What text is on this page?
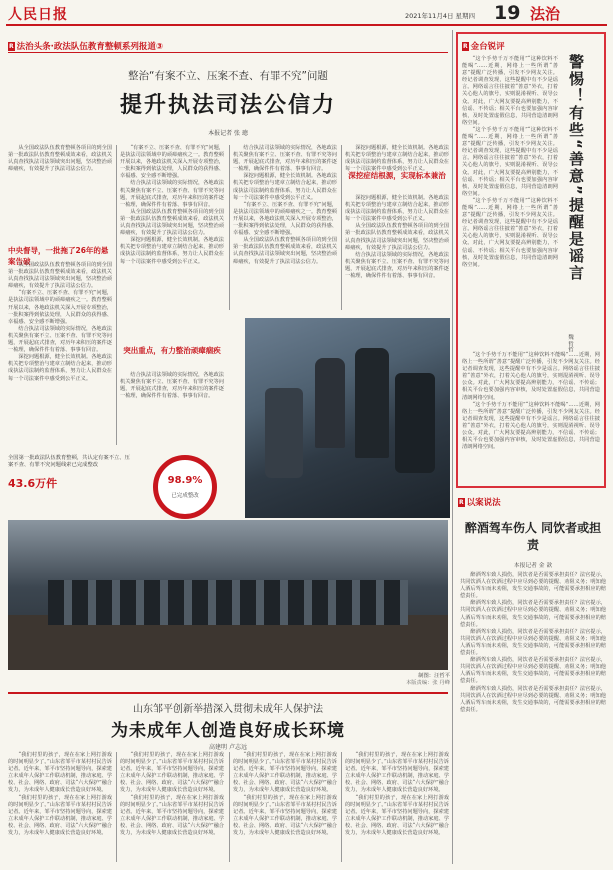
人民日报	2021年11月4日 星期四 19 法治
R 法治头条·政法队伍教育整顿系列报道③
整治“有案不立、压案不查、有罪不究”问题
提升执法司法公信力
本报记者 张 璁

从全国政法队伍教育整顿各项目的到全国第一批政法队伍教育整顿成效来看，政法机关认真查找执法司法领域突出问题，坚决整治顽瘴痼疾，有效提升了执法司法公信力。

中央督导，一批拖了26年的悬案告破

从全国政法队伍教育整顿各项目的到全国第一批政法队伍教育整顿成效来看，政法机关认真查找执法司法领域突出问题，坚决整治顽瘴痼疾，有效提升了执法司法公信力。

“有案不立、压案不查、有罪不究”问题，是执法司法领域中的顽瘴痼疾之一。教育整顿开展以来，各地政法机关深入开展专项整治，一批积案得到依法处理，人民群众的获得感、幸福感、安全感不断增强。

结合执法司法领域的实际情况，各地政法机关聚焦有案不立、压案不查、有罪不究等问题，开展起底式排查，对历年来积压的案件逐一梳理，确保件件有着落、事事有回音。

深挖问题根源，健全长效机制。各地政法机关把专项整治与建章立制结合起来，推动形成执法司法制约监督体系，努力让人民群众在每一个司法案件中感受到公平正义。

“有案不立、压案不查、有罪不究”问题，是执法司法领域中的顽瘴痼疾之一。教育整顿开展以来，各地政法机关深入开展专项整治，一批积案得到依法处理，人民群众的获得感、幸福感、安全感不断增强。

结合执法司法领域的实际情况，各地政法机关聚焦有案不立、压案不查、有罪不究等问题，开展起底式排查，对历年来积压的案件逐一梳理，确保件件有着落、事事有回音。

从全国政法队伍教育整顿各项目的到全国第一批政法队伍教育整顿成效来看，政法机关认真查找执法司法领域突出问题，坚决整治顽瘴痼疾，有效提升了执法司法公信力。

深挖问题根源，健全长效机制。各地政法机关把专项整治与建章立制结合起来，推动形成执法司法制约监督体系，努力让人民群众在每一个司法案件中感受到公平正义。

突出重点，有力整治顽瘴痼疾

结合执法司法领域的实际情况，各地政法机关聚焦有案不立、压案不查、有罪不究等问题，开展起底式排查，对历年来积压的案件逐一梳理，确保件件有着落、事事有回音。

结合执法司法领域的实际情况，各地政法机关聚焦有案不立、压案不查、有罪不究等问题，开展起底式排查，对历年来积压的案件逐一梳理，确保件件有着落、事事有回音。

深挖问题根源，健全长效机制。各地政法机关把专项整治与建章立制结合起来，推动形成执法司法制约监督体系，努力让人民群众在每一个司法案件中感受到公平正义。

“有案不立、压案不查、有罪不究”问题，是执法司法领域中的顽瘴痼疾之一。教育整顿开展以来，各地政法机关深入开展专项整治，一批积案得到依法处理，人民群众的获得感、幸福感、安全感不断增强。

从全国政法队伍教育整顿各项目的到全国第一批政法队伍教育整顿成效来看，政法机关认真查找执法司法领域突出问题，坚决整治顽瘴痼疾，有效提升了执法司法公信力。

深挖问题根源，健全长效机制。各地政法机关把专项整治与建章立制结合起来，推动形成执法司法制约监督体系，努力让人民群众在每一个司法案件中感受到公平正义。

深挖症结根源，实现标本兼治

深挖问题根源，健全长效机制。各地政法机关把专项整治与建章立制结合起来，推动形成执法司法制约监督体系，努力让人民群众在每一个司法案件中感受到公平正义。

从全国政法队伍教育整顿各项目的到全国第一批政法队伍教育整顿成效来看，政法机关认真查找执法司法领域突出问题，坚决整治顽瘴痼疾，有效提升了执法司法公信力。

结合执法司法领域的实际情况，各地政法机关聚焦有案不立、压案不查、有罪不究等问题，开展起底式排查，对历年来积压的案件逐一梳理，确保件件有着落、事事有回音。

98.9%
已完成整改
全国第一批政法队伍教育整顿，共认定有案不立、压案不查、有罪不究问题线索已完成整改
43.6万件
制图：汪哲平
本版责编：张 丹峰
山东邹平创新举措深入贯彻未成年人保护法
为未成年人创造良好成长环境
高建明 卢志远

“我们村里的孩子，现在在家上网打游戏的时间明显少了。”山东省邹平市某村村民告诉记者。近年来，邹平市坚持问题导向，探索建立未成年人保护工作联动机制，推动家庭、学校、社会、网络、政府、司法“六大保护”融合发力，为未成年人健康成长营造良好环境。

“我们村里的孩子，现在在家上网打游戏的时间明显少了。”山东省邹平市某村村民告诉记者。近年来，邹平市坚持问题导向，探索建立未成年人保护工作联动机制，推动家庭、学校、社会、网络、政府、司法“六大保护”融合发力，为未成年人健康成长营造良好环境。

“我们村里的孩子，现在在家上网打游戏的时间明显少了。”山东省邹平市某村村民告诉记者。近年来，邹平市坚持问题导向，探索建立未成年人保护工作联动机制，推动家庭、学校、社会、网络、政府、司法“六大保护”融合发力，为未成年人健康成长营造良好环境。

“我们村里的孩子，现在在家上网打游戏的时间明显少了。”山东省邹平市某村村民告诉记者。近年来，邹平市坚持问题导向，探索建立未成年人保护工作联动机制，推动家庭、学校、社会、网络、政府、司法“六大保护”融合发力，为未成年人健康成长营造良好环境。

“我们村里的孩子，现在在家上网打游戏的时间明显少了。”山东省邹平市某村村民告诉记者。近年来，邹平市坚持问题导向，探索建立未成年人保护工作联动机制，推动家庭、学校、社会、网络、政府、司法“六大保护”融合发力，为未成年人健康成长营造良好环境。

“我们村里的孩子，现在在家上网打游戏的时间明显少了。”山东省邹平市某村村民告诉记者。近年来，邹平市坚持问题导向，探索建立未成年人保护工作联动机制，推动家庭、学校、社会、网络、政府、司法“六大保护”融合发力，为未成年人健康成长营造良好环境。

“我们村里的孩子，现在在家上网打游戏的时间明显少了。”山东省邹平市某村村民告诉记者。近年来，邹平市坚持问题导向，探索建立未成年人保护工作联动机制，推动家庭、学校、社会、网络、政府、司法“六大保护”融合发力，为未成年人健康成长营造良好环境。

“我们村里的孩子，现在在家上网打游戏的时间明显少了。”山东省邹平市某村村民告诉记者。近年来，邹平市坚持问题导向，探索建立未成年人保护工作联动机制，推动家庭、学校、社会、网络、政府、司法“六大保护”融合发力，为未成年人健康成长营造良好环境。

R 金台锐评

“这个手势千万不能用”“这种饮料不能喝”……近期，网络上一些所谓“善意”提醒广泛传播，引发不少网友关注。经记者调查发现，这些提醒中有不少是谣言。网络谣言往往披着“善意”外衣，打着关心他人的旗号，实则混淆视听、误导公众。对此，广大网友要提高辨别能力，不信谣、不传谣；相关平台也要加强内容审核，及时处置虚假信息，共同营造清朗网络空间。

“这个手势千万不能用”“这种饮料不能喝”……近期，网络上一些所谓“善意”提醒广泛传播，引发不少网友关注。经记者调查发现，这些提醒中有不少是谣言。网络谣言往往披着“善意”外衣，打着关心他人的旗号，实则混淆视听、误导公众。对此，广大网友要提高辨别能力，不信谣、不传谣；相关平台也要加强内容审核，及时处置虚假信息，共同营造清朗网络空间。

“这个手势千万不能用”“这种饮料不能喝”……近期，网络上一些所谓“善意”提醒广泛传播，引发不少网友关注。经记者调查发现，这些提醒中有不少是谣言。网络谣言往往披着“善意”外衣，打着关心他人的旗号，实则混淆视听、误导公众。对此，广大网友要提高辨别能力，不信谣、不传谣；相关平台也要加强内容审核，及时处置虚假信息，共同营造清朗网络空间。	警惕！有些“善意”提醒是谣言
魏 哲哲

“这个手势千万不能用”“这种饮料不能喝”……近期，网络上一些所谓“善意”提醒广泛传播，引发不少网友关注。经记者调查发现，这些提醒中有不少是谣言。网络谣言往往披着“善意”外衣，打着关心他人的旗号，实则混淆视听、误导公众。对此，广大网友要提高辨别能力，不信谣、不传谣；相关平台也要加强内容审核，及时处置虚假信息，共同营造清朗网络空间。

“这个手势千万不能用”“这种饮料不能喝”……近期，网络上一些所谓“善意”提醒广泛传播，引发不少网友关注。经记者调查发现，这些提醒中有不少是谣言。网络谣言往往披着“善意”外衣，打着关心他人的旗号，实则混淆视听、误导公众。对此，广大网友要提高辨别能力，不信谣、不传谣；相关平台也要加强内容审核，及时处置虚假信息，共同营造清朗网络空间。

R 以案说法
醉酒驾车伤人 同饮者或担责
本报记者 金 歆

醉酒驾车致人损伤，同饮者是否需要承担责任？法官提示，共同饮酒人在饮酒过程中应尽到必要的提醒、劝阻义务；明知他人酒后驾车而未劝阻，发生交通事故的，可能需要承担相应的赔偿责任。

醉酒驾车致人损伤，同饮者是否需要承担责任？法官提示，共同饮酒人在饮酒过程中应尽到必要的提醒、劝阻义务；明知他人酒后驾车而未劝阻，发生交通事故的，可能需要承担相应的赔偿责任。

醉酒驾车致人损伤，同饮者是否需要承担责任？法官提示，共同饮酒人在饮酒过程中应尽到必要的提醒、劝阻义务；明知他人酒后驾车而未劝阻，发生交通事故的，可能需要承担相应的赔偿责任。

醉酒驾车致人损伤，同饮者是否需要承担责任？法官提示，共同饮酒人在饮酒过程中应尽到必要的提醒、劝阻义务；明知他人酒后驾车而未劝阻，发生交通事故的，可能需要承担相应的赔偿责任。

醉酒驾车致人损伤，同饮者是否需要承担责任？法官提示，共同饮酒人在饮酒过程中应尽到必要的提醒、劝阻义务；明知他人酒后驾车而未劝阻，发生交通事故的，可能需要承担相应的赔偿责任。
